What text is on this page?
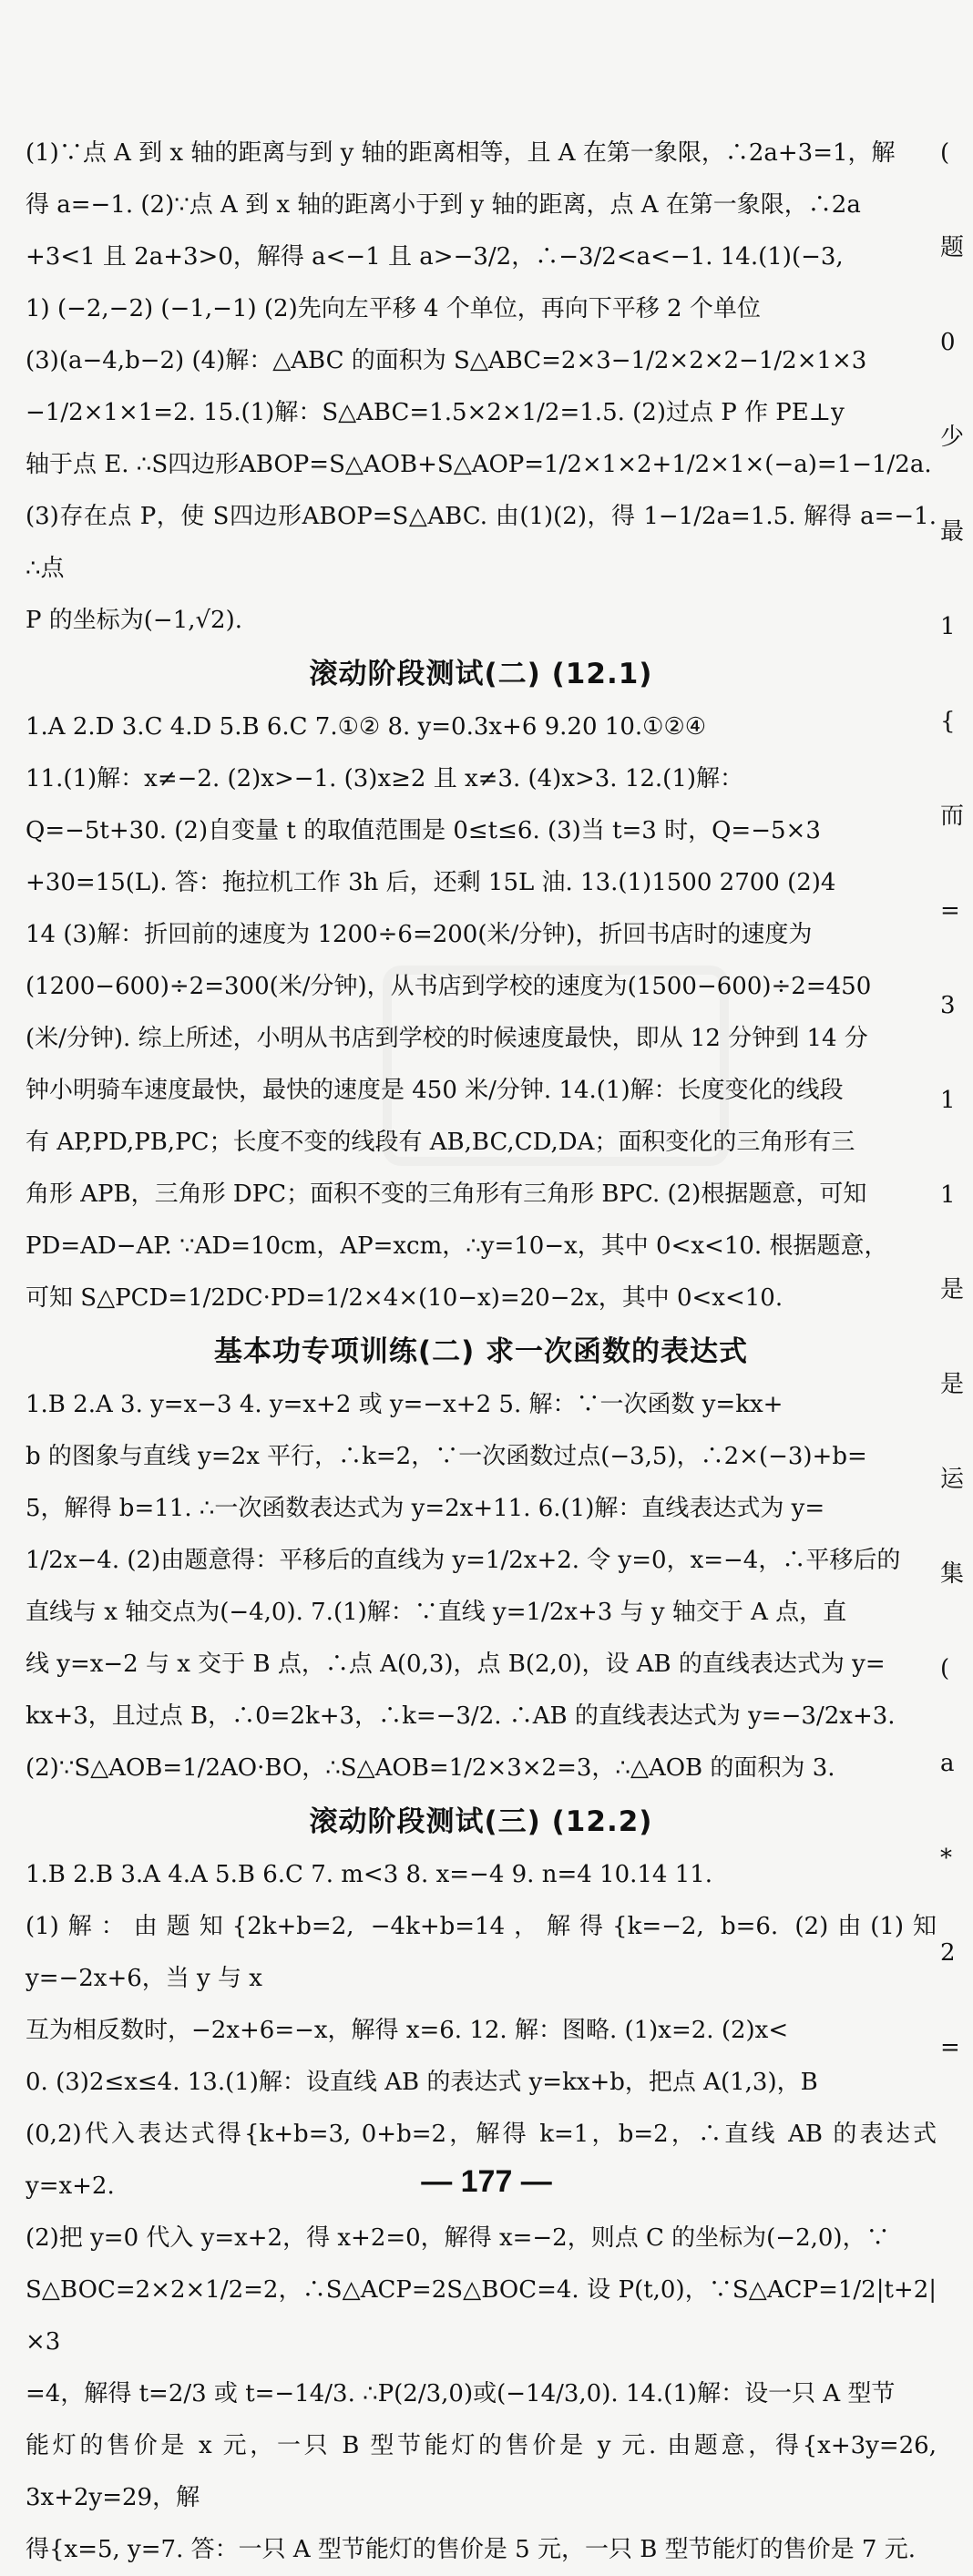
(1)∵点 A 到 x 轴的距离与到 y 轴的距离相等，且 A 在第一象限，∴2a+3=1，解

得 a=−1. (2)∵点 A 到 x 轴的距离小于到 y 轴的距离，点 A 在第一象限，∴2a

+3<1 且 2a+3>0，解得 a<−1 且 a>−3/2，∴−3/2<a<−1. 14.(1)(−3,

1) (−2,−2) (−1,−1) (2)先向左平移 4 个单位，再向下平移 2 个单位

(3)(a−4,b−2) (4)解：△ABC 的面积为 S△ABC=2×3−1/2×2×2−1/2×1×3

−1/2×1×1=2. 15.(1)解：S△ABC=1.5×2×1/2=1.5. (2)过点 P 作 PE⊥y

轴于点 E. ∴S四边形ABOP=S△AOB+S△AOP=1/2×1×2+1/2×1×(−a)=1−1/2a.

(3)存在点 P，使 S四边形ABOP=S△ABC. 由(1)(2)，得 1−1/2a=1.5. 解得 a=−1. ∴点

P 的坐标为(−1,√2).

滚动阶段测试(二) (12.1)

1.A 2.D 3.C 4.D 5.B 6.C 7.①② 8. y=0.3x+6 9.20 10.①②④

11.(1)解：x≠−2. (2)x>−1. (3)x≥2 且 x≠3. (4)x>3. 12.(1)解：

Q=−5t+30. (2)自变量 t 的取值范围是 0≤t≤6. (3)当 t=3 时，Q=−5×3

+30=15(L). 答：拖拉机工作 3h 后，还剩 15L 油. 13.(1)1500 2700 (2)4

14 (3)解：折回前的速度为 1200÷6=200(米/分钟)，折回书店时的速度为

(1200−600)÷2=300(米/分钟)，从书店到学校的速度为(1500−600)÷2=450

(米/分钟). 综上所述，小明从书店到学校的时候速度最快，即从 12 分钟到 14 分

钟小明骑车速度最快，最快的速度是 450 米/分钟. 14.(1)解：长度变化的线段

有 AP,PD,PB,PC；长度不变的线段有 AB,BC,CD,DA；面积变化的三角形有三

角形 APB，三角形 DPC；面积不变的三角形有三角形 BPC. (2)根据题意，可知

PD=AD−AP. ∵AD=10cm，AP=xcm，∴y=10−x，其中 0<x<10. 根据题意，

可知 S△PCD=1/2DC·PD=1/2×4×(10−x)=20−2x，其中 0<x<10.

基本功专项训练(二) 求一次函数的表达式

1.B 2.A 3. y=x−3 4. y=x+2 或 y=−x+2 5. 解：∵一次函数 y=kx+

b 的图象与直线 y=2x 平行，∴k=2，∵一次函数过点(−3,5)，∴2×(−3)+b=

5，解得 b=11. ∴一次函数表达式为 y=2x+11. 6.(1)解：直线表达式为 y=

1/2x−4. (2)由题意得：平移后的直线为 y=1/2x+2. 令 y=0，x=−4，∴平移后的

直线与 x 轴交点为(−4,0). 7.(1)解：∵直线 y=1/2x+3 与 y 轴交于 A 点，直

线 y=x−2 与 x 交于 B 点，∴点 A(0,3)，点 B(2,0)，设 AB 的直线表达式为 y=

kx+3，且过点 B，∴0=2k+3，∴k=−3/2. ∴AB 的直线表达式为 y=−3/2x+3.

(2)∵S△AOB=1/2AO·BO，∴S△AOB=1/2×3×2=3，∴△AOB 的面积为 3.

滚动阶段测试(三) (12.2)

1.B 2.B 3.A 4.A 5.B 6.C 7. m<3 8. x=−4 9. n=4 10.14 11.

(1)解：由题知{2k+b=2, −4k+b=14，解得{k=−2, b=6. (2)由(1)知 y=−2x+6，当 y 与 x

互为相反数时，−2x+6=−x，解得 x=6. 12. 解：图略. (1)x=2. (2)x<

0. (3)2≤x≤4. 13.(1)解：设直线 AB 的表达式 y=kx+b，把点 A(1,3)，B

(0,2)代入表达式得{k+b=3, 0+b=2，解得 k=1，b=2，∴直线 AB 的表达式 y=x+2.

(2)把 y=0 代入 y=x+2，得 x+2=0，解得 x=−2，则点 C 的坐标为(−2,0)，∵

S△BOC=2×2×1/2=2，∴S△ACP=2S△BOC=4. 设 P(t,0)，∵S△ACP=1/2|t+2|×3

=4，解得 t=2/3 或 t=−14/3. ∴P(2/3,0)或(−14/3,0). 14.(1)解：设一只 A 型节

能灯的售价是 x 元，一只 B 型节能灯的售价是 y 元. 由题意，得{x+3y=26, 3x+2y=29，解

得{x=5, y=7. 答：一只 A 型节能灯的售价是 5 元，一只 B 型节能灯的售价是 7 元.

(
题
0
少
最
1
{
而
=
3
1
1
是
是
运
集
(
a
*
2
=
— 177 —
